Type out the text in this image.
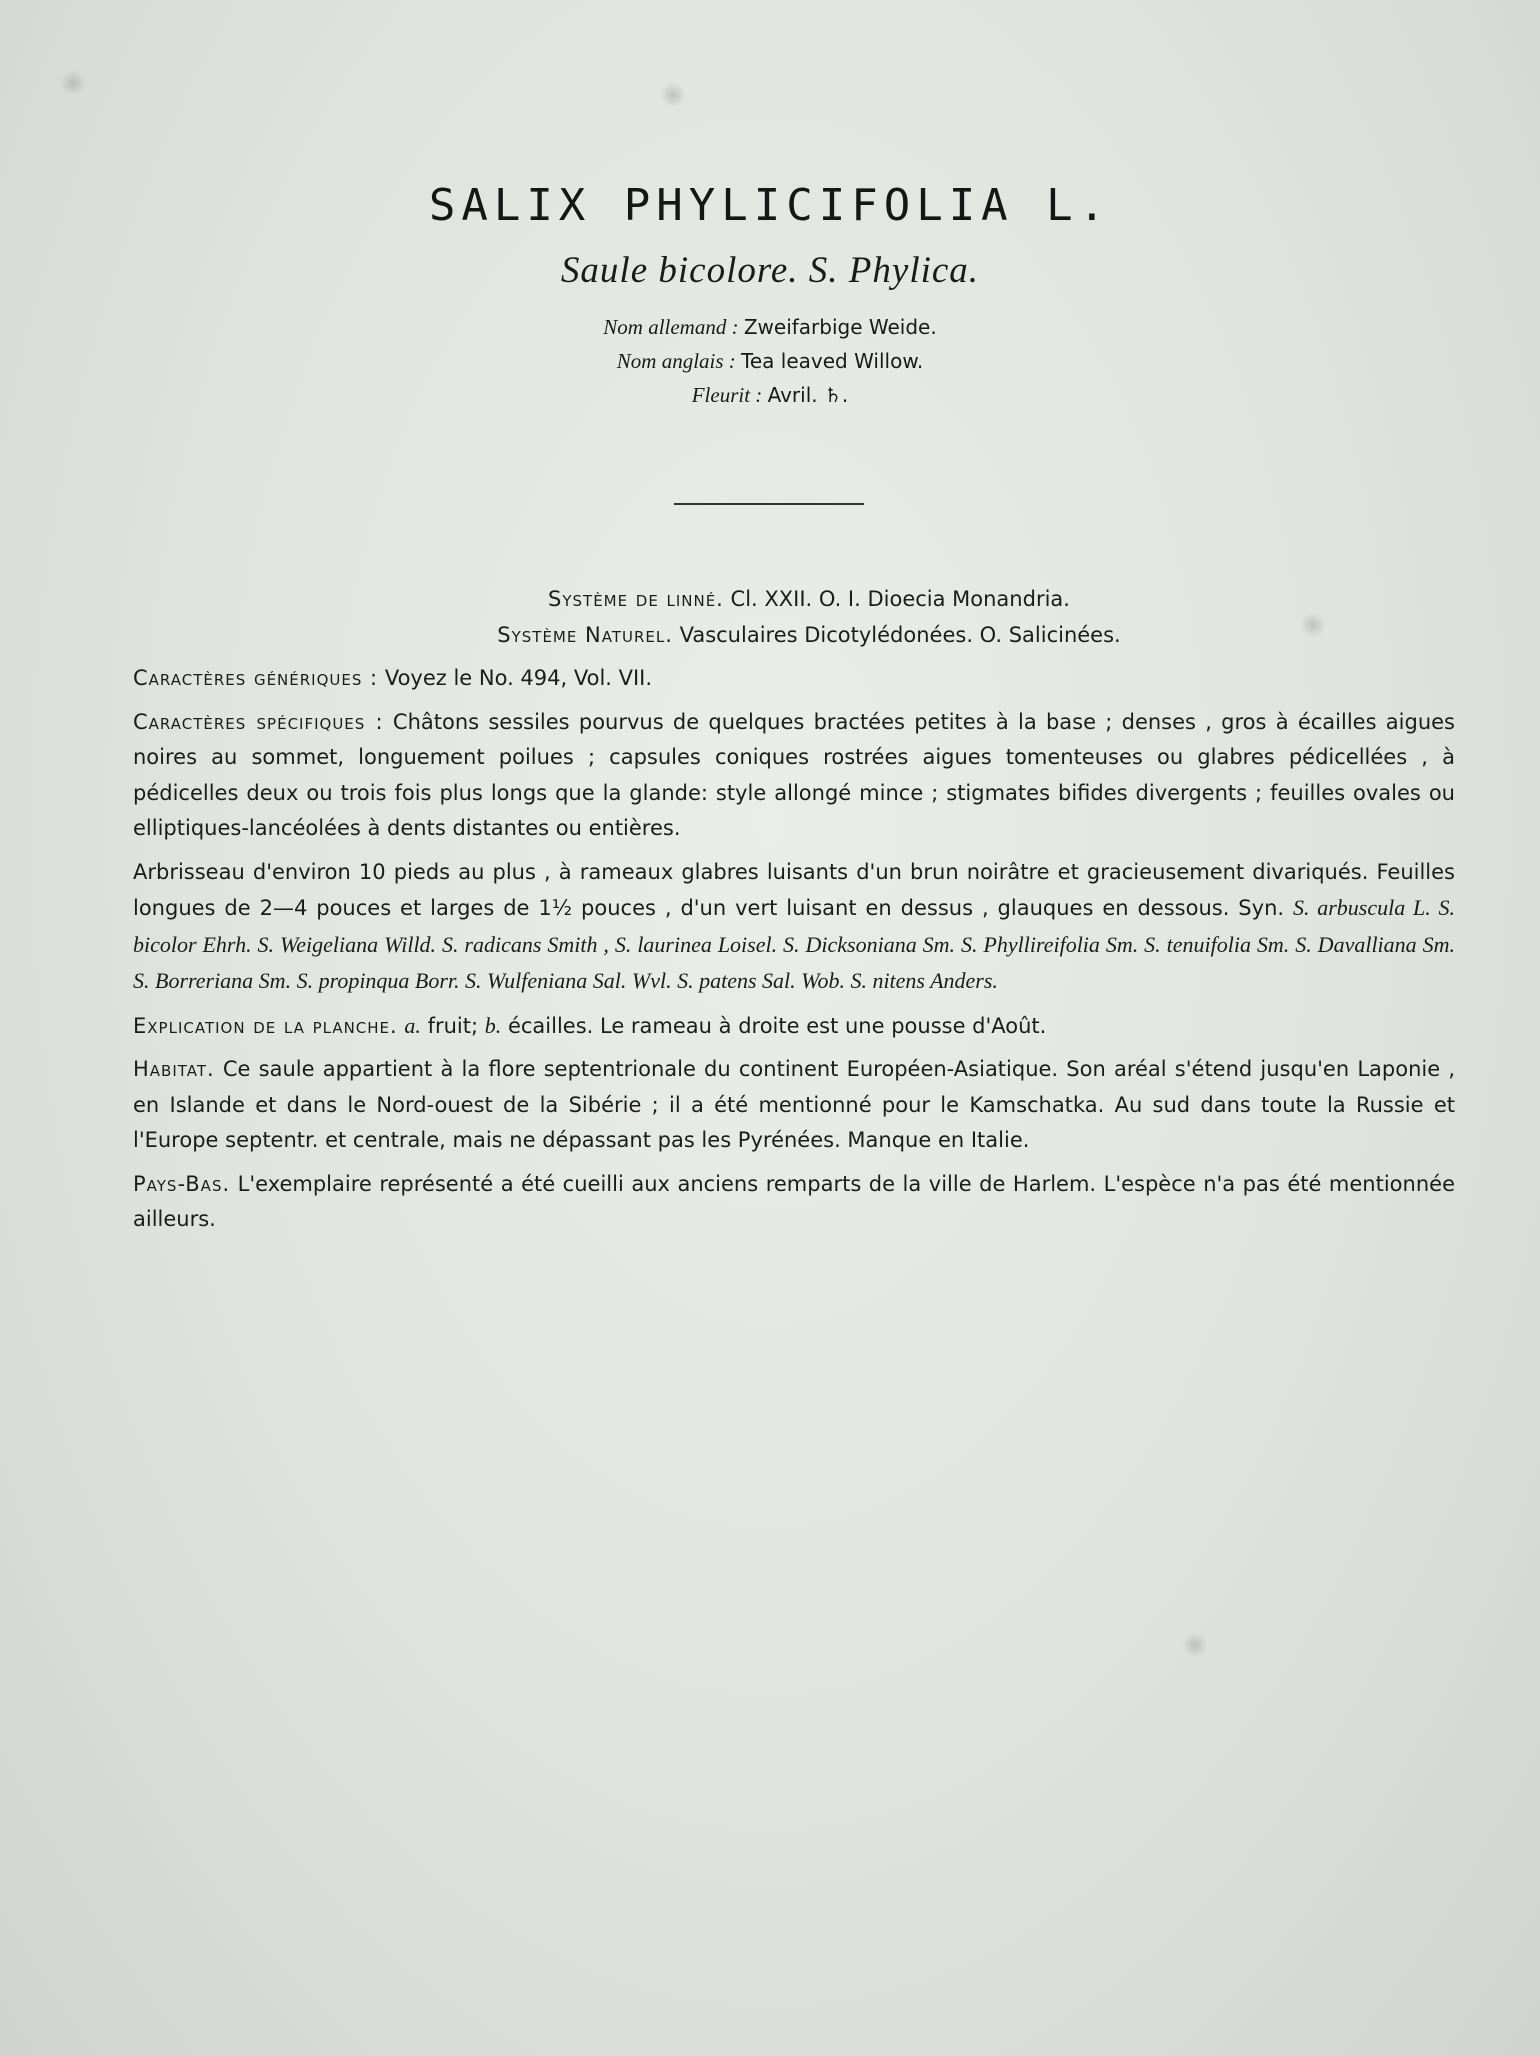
SALIX PHYLICIFOLIA L.
Saule bicolore. S. Phylica.
Nom allemand : Zweifarbige Weide.
Nom anglais : Tea leaved Willow.
Fleurit : Avril. ♄.

Système de linné. Cl. XXII. O. I. Dioecia Monandria.

Système Naturel. Vasculaires Dicotylédonées. O. Salicinées.

Caractères génériques : Voyez le No. 494, Vol. VII.

Caractères spécifiques : Châtons sessiles pourvus de quelques bractées petites à la base ; denses , gros à écailles aigues noires au sommet, longuement poilues ; capsules coniques rostrées aigues tomenteuses ou glabres pédicellées , à pédicelles deux ou trois fois plus longs que la glande: style allongé mince ; stigmates bifides divergents ; feuilles ovales ou elliptiques-lancéolées à dents distantes ou entières.

Arbrisseau d'environ 10 pieds au plus , à rameaux glabres luisants d'un brun noirâtre et gracieusement divariqués. Feuilles longues de 2—4 pouces et larges de 1½ pouces , d'un vert luisant en dessus , glauques en dessous. Syn. S. arbuscula L. S. bicolor Ehrh. S. Weigeliana Willd. S. radicans Smith , S. laurinea Loisel. S. Dicksoniana Sm. S. Phyllireifolia Sm. S. tenuifolia Sm. S. Davalliana Sm. S. Borreriana Sm. S. propinqua Borr. S. Wulfeniana Sal. Wvl. S. patens Sal. Wob. S. nitens Anders.

Explication de la planche. a. fruit; b. écailles. Le rameau à droite est une pousse d'Août.

Habitat. Ce saule appartient à la flore septentrionale du continent Européen-Asiatique. Son aréal s'étend jusqu'en Laponie , en Islande et dans le Nord-ouest de la Sibérie ; il a été mentionné pour le Kamschatka. Au sud dans toute la Russie et l'Europe septentr. et centrale, mais ne dépassant pas les Pyrénées. Manque en Italie.

Pays-Bas. L'exemplaire représenté a été cueilli aux anciens remparts de la ville de Harlem. L'espèce n'a pas été mentionnée ailleurs.
